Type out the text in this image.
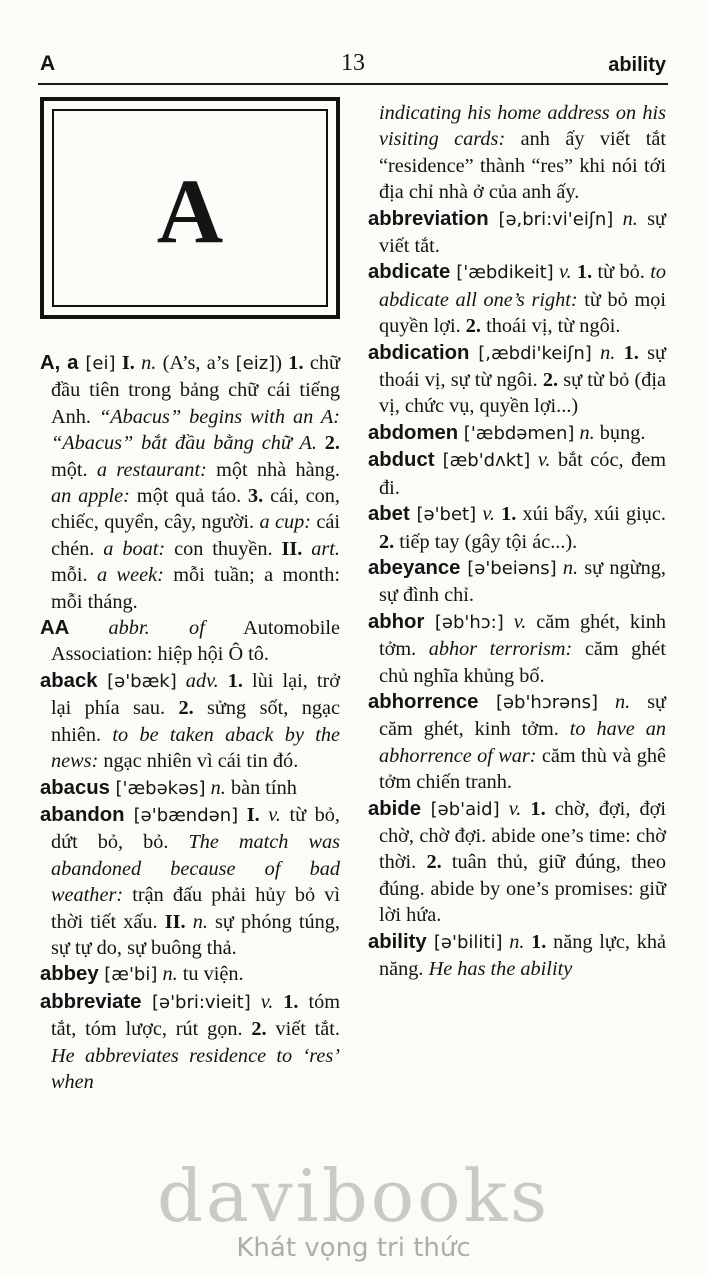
A	13	ability
A

A, a [ei] I. n. (A’s, a’s [eiz]) 1. chữ đầu tiên trong bảng chữ cái tiếng Anh. “Abacus” begins with an A: “Abacus” bắt đầu bằng chữ A. 2. một. a restaurant: một nhà hàng. an apple: một quả táo. 3. cái, con, chiếc, quyển, cây, người. a cup: cái chén. a boat: con thuyền. II. art. mỗi. a week: mỗi tuần; a month: mỗi tháng.

AA abbr. of Automobile Association: hiệp hội Ô tô.

aback [ə'bæk] adv. 1. lùi lại, trở lại phía sau. 2. sửng sốt, ngạc nhiên. to be taken aback by the news: ngạc nhiên vì cái tin đó.

abacus ['æbəkəs] n. bàn tính

abandon [ə'bændən] I. v. từ bỏ, dứt bỏ, bỏ. The match was abandoned because of bad weather: trận đấu phải hủy bỏ vì thời tiết xấu. II. n. sự phóng túng, sự tự do, sự buông thả.

abbey [æ'bi] n. tu viện.

abbreviate [ə'bri:vieit] v. 1. tóm tắt, tóm lược, rút gọn. 2. viết tắt. He abbreviates residence to ‘res’ when

indicating his home address on his visiting cards: anh ấy viết tắt “residence” thành “res” khi nói tới địa chỉ nhà ở của anh ấy.

abbreviation [ə,bri:vi'eiʃn] n. sự viết tắt.

abdicate ['æbdikeit] v. 1. từ bỏ. to abdicate all one’s right: từ bỏ mọi quyền lợi. 2. thoái vị, từ ngôi.

abdication [,æbdi'keiʃn] n. 1. sự thoái vị, sự từ ngôi. 2. sự từ bỏ (địa vị, chức vụ, quyền lợi...)

abdomen ['æbdəmen] n. bụng.

abduct [æb'dʌkt] v. bắt cóc, đem đi.

abet [ə'bet] v. 1. xúi bẩy, xúi giục. 2. tiếp tay (gây tội ác...).

abeyance [ə'beiəns] n. sự ngừng, sự đình chỉ.

abhor [əb'hɔ:] v. căm ghét, kinh tởm. abhor terrorism: căm ghét chủ nghĩa khủng bố.

abhorrence [əb'hɔrəns] n. sự căm ghét, kinh tởm. to have an abhorrence of war: căm thù và ghê tởm chiến tranh.

abide [əb'aid] v. 1. chờ, đợi, đợi chờ, chờ đợi. abide one’s time: chờ thời. 2. tuân thủ, giữ đúng, theo đúng. abide by one’s promises: giữ lời hứa.

ability [ə'biliti] n. 1. năng lực, khả năng. He has the ability

davibooks
Khát vọng tri thức
